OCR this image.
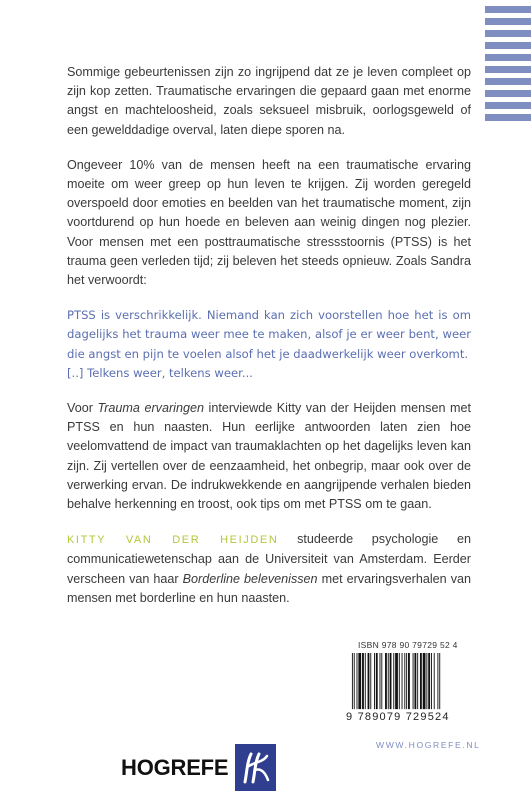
Sommige gebeurtenissen zijn zo ingrijpend dat ze je leven compleet op zijn kop zetten. Traumatische ervaringen die gepaard gaan met enorme angst en machteloosheid, zoals seksueel misbruik, oorlogsgeweld of een gewelddadige overval, laten diepe sporen na.

Ongeveer 10% van de mensen heeft na een traumatische ervaring moeite om weer greep op hun leven te krijgen. Zij worden geregeld overspoeld door emoties en beelden van het traumatische moment, zijn voortdurend op hun hoede en beleven aan weinig dingen nog plezier. Voor mensen met een posttraumatische stressstoornis (PTSS) is het trauma geen verleden tijd; zij beleven het steeds opnieuw. Zoals Sandra het verwoordt:

PTSS is verschrikkelijk. Niemand kan zich voorstellen hoe het is om dagelijks het trauma weer mee te maken, alsof je er weer bent, weer die angst en pijn te voelen alsof het je daadwerkelijk weer overkomt.
[..] Telkens weer, telkens weer...

Voor Trauma ervaringen interviewde Kitty van der Heijden mensen met PTSS en hun naasten. Hun eerlijke antwoorden laten zien hoe veelomvattend de impact van traumaklachten op het dagelijks leven kan zijn. Zij vertellen over de eenzaamheid, het onbegrip, maar ook over de verwerking ervan. De indrukwekkende en aangrijpende verhalen bieden behalve herkenning en troost, ook tips om met PTSS om te gaan.

KITTY VAN DER HEIJDEN studeerde psychologie en communicatiewetenschap aan de Universiteit van Amsterdam. Eerder verscheen van haar Borderline belevenissen met ervaringsverhalen van mensen met borderline en hun naasten.

ISBN 978 90 79729 52 4
9 789079 729524
HOGREFE
WWW.HOGREFE.NL
